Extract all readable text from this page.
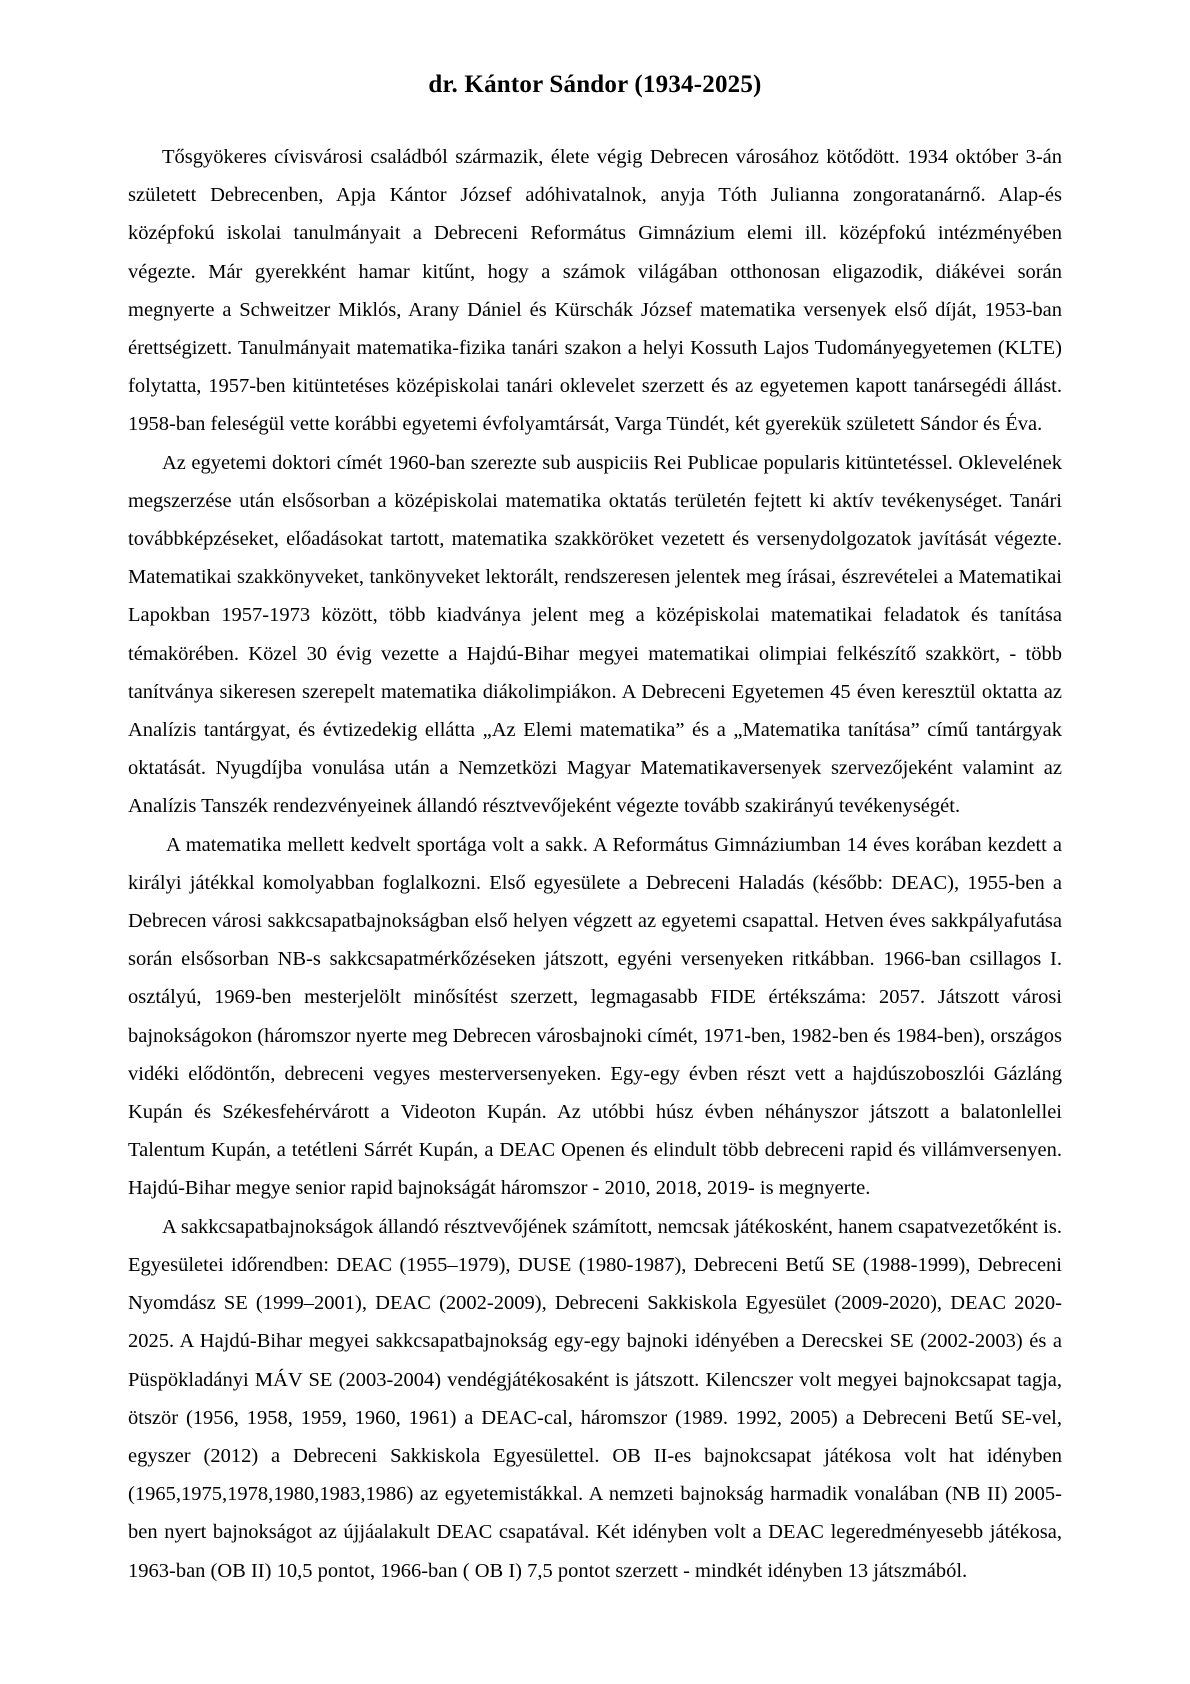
dr. Kántor Sándor (1934-2025)

Tősgyökeres cívisvárosi családból származik, élete végig Debrecen városához kötődött. 1934 október 3-án született Debrecenben, Apja Kántor József adóhivatalnok, anyja Tóth Julianna zongoratanárnő. Alap-és középfokú iskolai tanulmányait a Debreceni Református Gimnázium elemi ill. középfokú intézményében végezte. Már gyerekként hamar kitűnt, hogy a számok világában otthonosan eligazodik, diákévei során megnyerte a Schweitzer Miklós, Arany Dániel és Kürschák József matematika versenyek első díját, 1953-ban érettségizett. Tanulmányait matematika-fizika tanári szakon a helyi Kossuth Lajos Tudományegyetemen (KLTE) folytatta, 1957-ben kitüntetéses középiskolai tanári oklevelet szerzett és az egyetemen kapott tanársegédi állást. 1958-ban feleségül vette korábbi egyetemi évfolyamtársát, Varga Tündét, két gyerekük született Sándor és Éva.

Az egyetemi doktori címét 1960-ban szerezte sub auspiciis Rei Publicae popularis kitüntetéssel. Oklevelének megszerzése után elsősorban a középiskolai matematika oktatás területén fejtett ki aktív tevékenységet. Tanári továbbképzéseket, előadásokat tartott, matematika szakköröket vezetett és versenydolgozatok javítását végezte. Matematikai szakkönyveket, tankönyveket lektorált, rendszeresen jelentek meg írásai, észrevételei a Matematikai Lapokban 1957-1973 között, több kiadványa jelent meg a középiskolai matematikai feladatok és tanítása témakörében. Közel 30 évig vezette a Hajdú-Bihar megyei matematikai olimpiai felkészítő szakkört, - több tanítványa sikeresen szerepelt matematika diákolimpiákon. A Debreceni Egyetemen 45 éven keresztül oktatta az Analízis tantárgyat, és évtizedekig ellátta „Az Elemi matematika” és a „Matematika tanítása” című tantárgyak oktatását. Nyugdíjba vonulása után a Nemzetközi Magyar Matematikaversenyek szervezőjeként valamint az Analízis Tanszék rendezvényeinek állandó résztvevőjeként végezte tovább szakirányú tevékenységét.

A matematika mellett kedvelt sportága volt a sakk. A Református Gimnáziumban 14 éves korában kezdett a királyi játékkal komolyabban foglalkozni. Első egyesülete a Debreceni Haladás (később: DEAC), 1955-ben a Debrecen városi sakkcsapatbajnokságban első helyen végzett az egyetemi csapattal. Hetven éves sakkpályafutása során elsősorban NB-s sakkcsapatmérkőzéseken játszott, egyéni versenyeken ritkábban. 1966-ban csillagos I. osztályú, 1969-ben mesterjelölt minősítést szerzett, legmagasabb FIDE értékszáma: 2057. Játszott városi bajnokságokon (háromszor nyerte meg Debrecen városbajnoki címét, 1971-ben, 1982-ben és 1984-ben), országos vidéki elődöntőn, debreceni vegyes mesterversenyeken. Egy-egy évben részt vett a hajdúszoboszlói Gázláng Kupán és Székesfehérvárott a Videoton Kupán. Az utóbbi húsz évben néhányszor játszott a balatonlellei Talentum Kupán, a tetétleni Sárrét Kupán, a DEAC Openen és elindult több debreceni rapid és villámversenyen. Hajdú-Bihar megye senior rapid bajnokságát háromszor - 2010, 2018, 2019- is megnyerte.

A sakkcsapatbajnokságok állandó résztvevőjének számított, nemcsak játékosként, hanem csapatvezetőként is. Egyesületei időrendben: DEAC (1955–1979), DUSE (1980-1987), Debreceni Betű SE (1988-1999), Debreceni Nyomdász SE (1999–2001), DEAC (2002-2009), Debreceni Sakkiskola Egyesület (2009-2020), DEAC 2020-2025. A Hajdú-Bihar megyei sakkcsapatbajnokság egy-egy bajnoki idényében a Derecskei SE (2002-2003) és a Püspökladányi MÁV SE (2003-2004) vendégjátékosaként is játszott. Kilencszer volt megyei bajnokcsapat tagja, ötször (1956, 1958, 1959, 1960, 1961) a DEAC-cal, háromszor (1989. 1992, 2005) a Debreceni Betű SE-vel, egyszer (2012) a Debreceni Sakkiskola Egyesülettel. OB II-es bajnokcsapat játékosa volt hat idényben (1965,1975,1978,1980,1983,1986) az egyetemistákkal. A nemzeti bajnokság harmadik vonalában (NB II) 2005-ben nyert bajnokságot az újjáalakult DEAC csapatával. Két idényben volt a DEAC legeredményesebb játékosa, 1963-ban (OB II) 10,5 pontot, 1966-ban ( OB I) 7,5 pontot szerzett - mindkét idényben 13 játszmából.
